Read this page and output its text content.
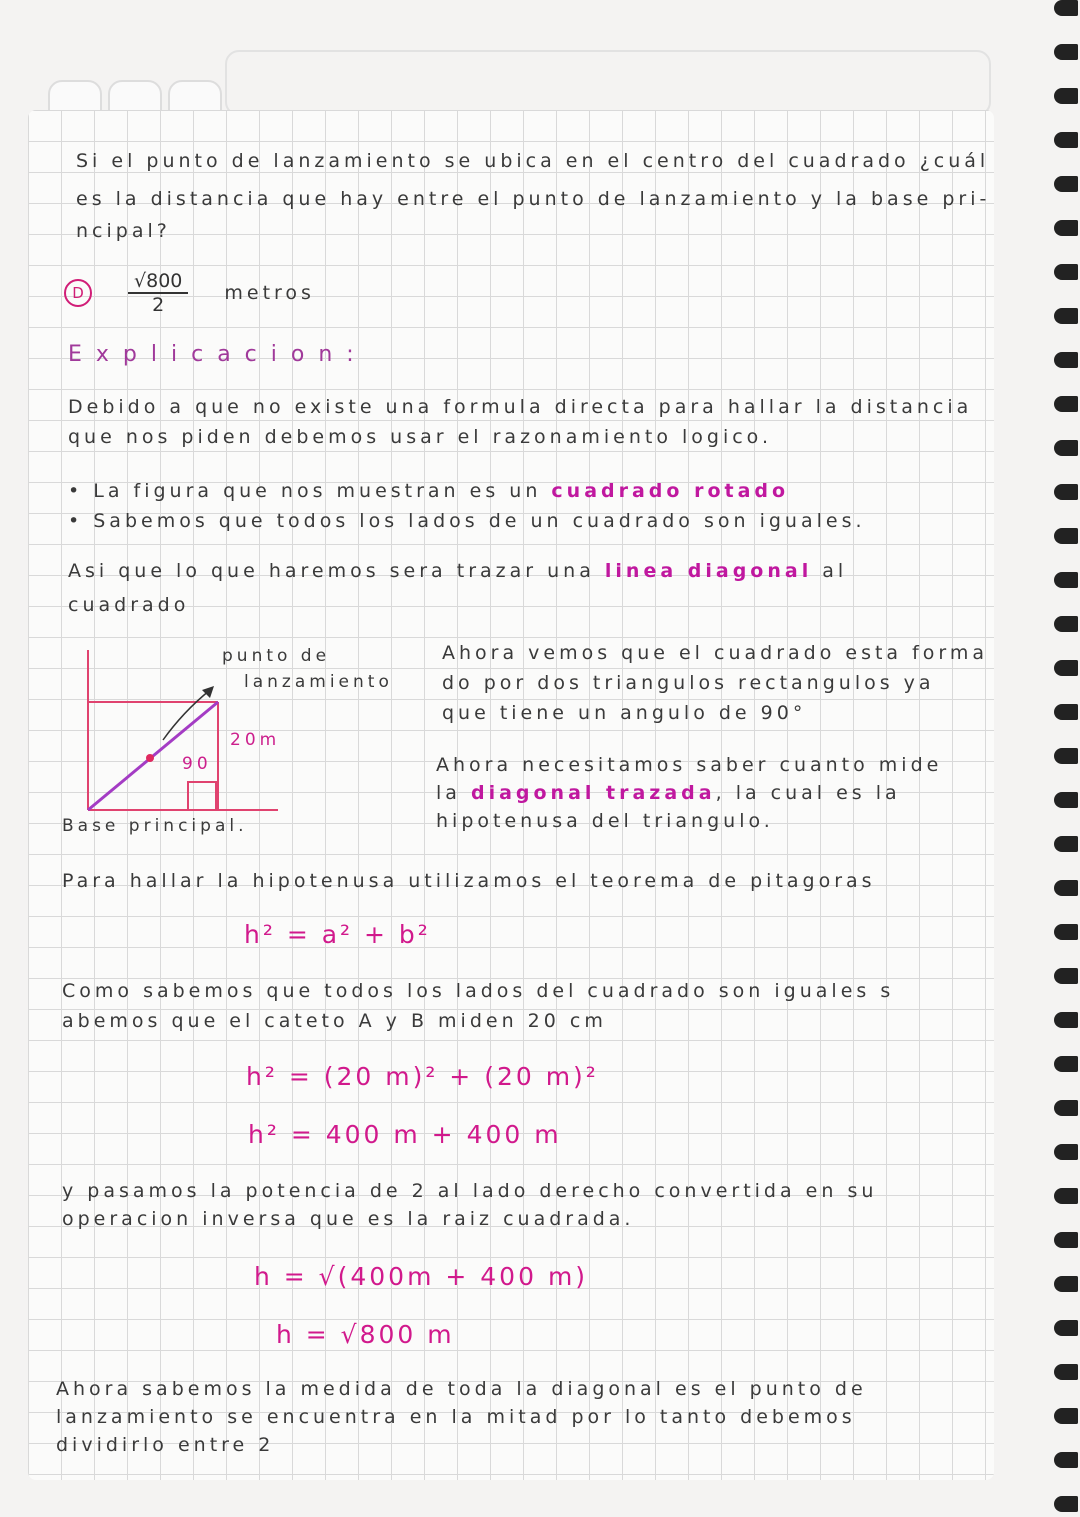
Si el punto de lanzamiento se ubica en el centro del cuadrado ¿cuál
es la distancia que hay entre el punto de lanzamiento y la base pri-
ncipal?
D	$\frac{√800}{2}$ metros
Explicacion:
Debido a que no existe una formula directa para hallar la distancia
que nos piden debemos usar el razonamiento logico.
• La figura que nos muestran es un cuadrado rotado
• Sabemos que todos los lados de un cuadrado son iguales.
Asi que lo que haremos sera trazar una linea diagonal al
cuadrado
punto de
lanzamiento
20m
90
Base principal.
Ahora vemos que el cuadrado esta forma
do por dos triangulos rectangulos ya
que tiene un angulo de 90°
Ahora necesitamos saber cuanto mide
la diagonal trazada, la cual es la
hipotenusa del triangulo.
Para hallar la hipotenusa utilizamos el teorema de pitagoras
h² = a² + b²
Como sabemos que todos los lados del cuadrado son iguales s
abemos que el cateto A y B miden 20 cm
h² = (20 m)² + (20 m)²
h² = 400 m + 400 m
y pasamos la potencia de 2 al lado derecho convertida en su
operacion inversa que es la raiz cuadrada.
h = √(400m + 400 m)
h = √800 m
Ahora sabemos la medida de toda la diagonal es el punto de
lanzamiento se encuentra en la mitad por lo tanto debemos
dividirlo entre 2
